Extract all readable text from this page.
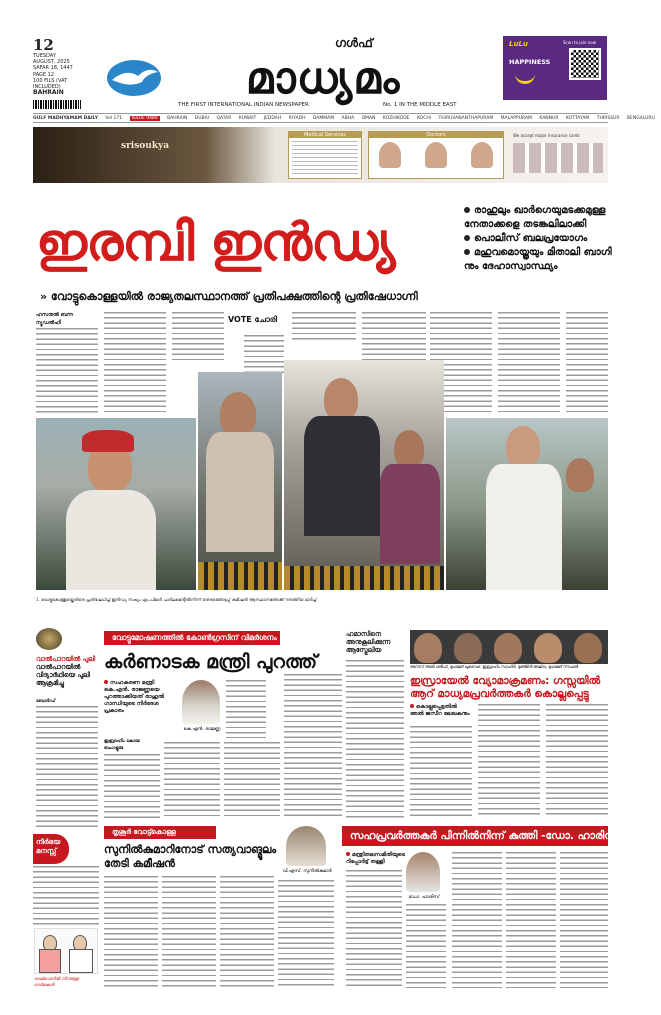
12
TUESDAY
AUGUST, 2025
SAFAR 18, 1447
PAGE 12
100 FILS (VAT INCLUDED)
BAHRAIN
ഗൾഫ്
മാധ്യമം
THE FIRST INTERNATIONAL INDIAN NEWSPAPER	No. 1 IN THE MIDDLE EAST
LuLu
HAPPINESS
Scan to join now
GULF MADHYAMAM DAILY Vol 171 ISSUE 9480 BAHRAIN DUBAI QATAR KUWAIT JEDDAH RIYADH DAMMAM ABHA OMAN KOZHIKODE KOCHI THIRUVANANTHAPURAM MALAPPURAM KANNUR KOTTAYAM THRISSUR BENGALURU
srisoukya
Medical Services	Doctors	We accept major insurance cards
ഇരമ്പി ഇൻഡ്യ
രാഹുലും ഖാർഗെയുമടക്കമുള്ള നേതാക്കളെ തടങ്കലിലാക്കി
പൊലീസ് ബലപ്രയോഗം
മഹുവമൊയ്ത്രയും മിതാലി ബാഗി നും ദേഹാസ്വാസ്ഥ്യം
» വോട്ടുകൊള്ളയിൽ രാജ്യതലസ്ഥാനത്ത് പ്രതിപക്ഷത്തിന്റെ പ്രതിഷേധാഗ്നി
ഹസനുൽ ബന്ന
ന്യൂഡൽഹി	VOTE ചോരി
1. വോട്ടുകൊള്ളയ്ക്കെതിരെ പ്രതിഷേധിച്ച് ഇൻഡ്യ സഖ്യം എം.പിമാർ പാർലമെന്റിൽനിന്ന് തെരഞ്ഞെടുപ്പ് കമീഷൻ ആസ്ഥാനത്തേക്ക് നടത്തിയ മാർച്ച്
വാൽപാറയിൽ പുലി
വാൽപാറയിൽ വിദ്യാർഥിയെ പുലി ആക്രമിച്ചു
ബോർഡ്
നിർഭയ മനസ്സ്
രാജ്ഭവനിൽ നിന്നുള്ള ഓർമകൾ
വോട്ടുമോഷണത്തിൽ കോൺഗ്രസിന് വിമർശനം
കർണാടക മന്ത്രി പുറത്ത്
സഹകരണ മന്ത്രി കെ.എൻ. രാജണ്ണയെ പുറത്താക്കിയത് രാഹുൽ ഗാന്ധിയുടെ നിർദേശ പ്രകാരം
ഇബ്രാഹിം കോയ
ബംഗളൂരു
കെ.എൻ. രാജണ്ണ
തൃശൂർ വോട്ട്കൊള്ള
സുനിൽകുമാറിനോട് സത്യവാങ്മൂലം തേടി കമീഷൻ
വി.എസ്. സുനിൽകുമാർ
ഹമാസിനെ അനുകൂലിക്കുന്ന ആസ്ട്രേലിയ
അനസ് അൽ ശരീഫ്, മുഹമ്മദ് ഖുറൈഖ്, ഇബ്രാഹിം സാഹിർ, മുഅ്മിൻ അലിവ, മുഹമ്മദ് നൗഫൽ
ഇസ്രായേൽ വ്യോമാക്രമണം: ഗസ്സയിൽ ആറ് മാധ്യമപ്രവർത്തകർ കൊല്ലപ്പെട്ടു
കൊല്ലപ്പെട്ടതിൽ അൽ ജസീറ ലേഖകനും
സഹപ്രവർത്തകർ പിന്നിൽനിന്ന് കുത്തി -ഡോ. ഹാരിസ്
മന്ത്രിതലസമിതിയുടെ റിപ്പോർട്ട് തള്ളി
ഡോ. ഹാരിസ്
